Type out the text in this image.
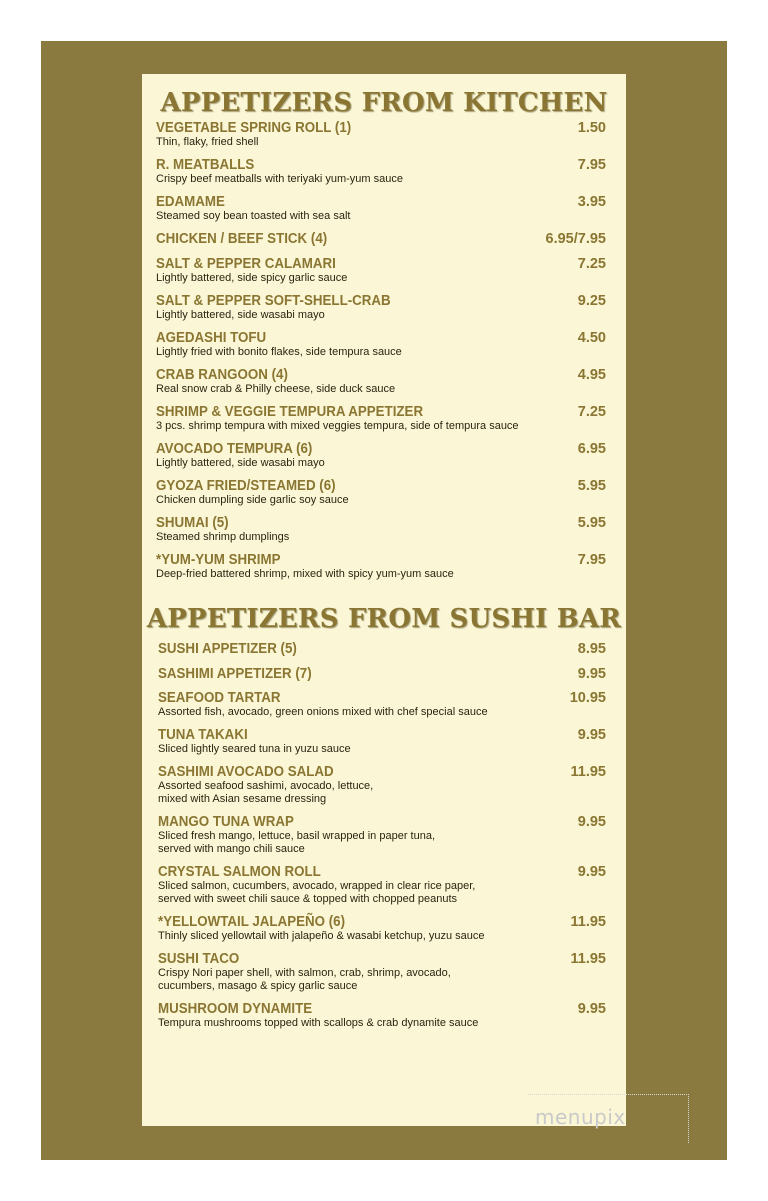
APPETIZERS FROM KITCHEN
VEGETABLE SPRING ROLL (1)	1.50
Thin, flaky, fried shell
R. MEATBALLS	7.95
Crispy beef meatballs with teriyaki yum-yum sauce
EDAMAME	3.95
Steamed soy bean toasted with sea salt
CHICKEN / BEEF STICK (4)	6.95/7.95
SALT & PEPPER CALAMARI	7.25
Lightly battered, side spicy garlic sauce
SALT & PEPPER SOFT-SHELL-CRAB	9.25
Lightly battered, side wasabi mayo
AGEDASHI TOFU	4.50
Lightly fried with bonito flakes, side tempura sauce
CRAB RANGOON (4)	4.95
Real snow crab & Philly cheese, side duck sauce
SHRIMP & VEGGIE TEMPURA APPETIZER	7.25
3 pcs. shrimp tempura with mixed veggies tempura, side of tempura sauce
AVOCADO TEMPURA (6)	6.95
Lightly battered, side wasabi mayo
GYOZA FRIED/STEAMED (6)	5.95
Chicken dumpling side garlic soy sauce
SHUMAI (5)	5.95
Steamed shrimp dumplings
*YUM-YUM SHRIMP	7.95
Deep-fried battered shrimp, mixed with spicy yum-yum sauce
APPETIZERS FROM SUSHI BAR
SUSHI APPETIZER (5)	8.95
SASHIMI APPETIZER (7)	9.95
SEAFOOD TARTAR	10.95
Assorted fish, avocado, green onions mixed with chef special sauce
TUNA TAKAKI	9.95
Sliced lightly seared tuna in yuzu sauce
SASHIMI AVOCADO SALAD	11.95
Assorted seafood sashimi, avocado, lettuce,
mixed with Asian sesame dressing
MANGO TUNA WRAP	9.95
Sliced fresh mango, lettuce, basil wrapped in paper tuna,
served with mango chili sauce
CRYSTAL SALMON ROLL	9.95
Sliced salmon, cucumbers, avocado, wrapped in clear rice paper,
served with sweet chili sauce & topped with chopped peanuts
*YELLOWTAIL JALAPEÑO (6)	11.95
Thinly sliced yellowtail with jalapeño & wasabi ketchup, yuzu sauce
SUSHI TACO	11.95
Crispy Nori paper shell, with salmon, crab, shrimp, avocado,
cucumbers, masago & spicy garlic sauce
MUSHROOM DYNAMITE	9.95
Tempura mushrooms topped with scallops & crab dynamite sauce
menupix
